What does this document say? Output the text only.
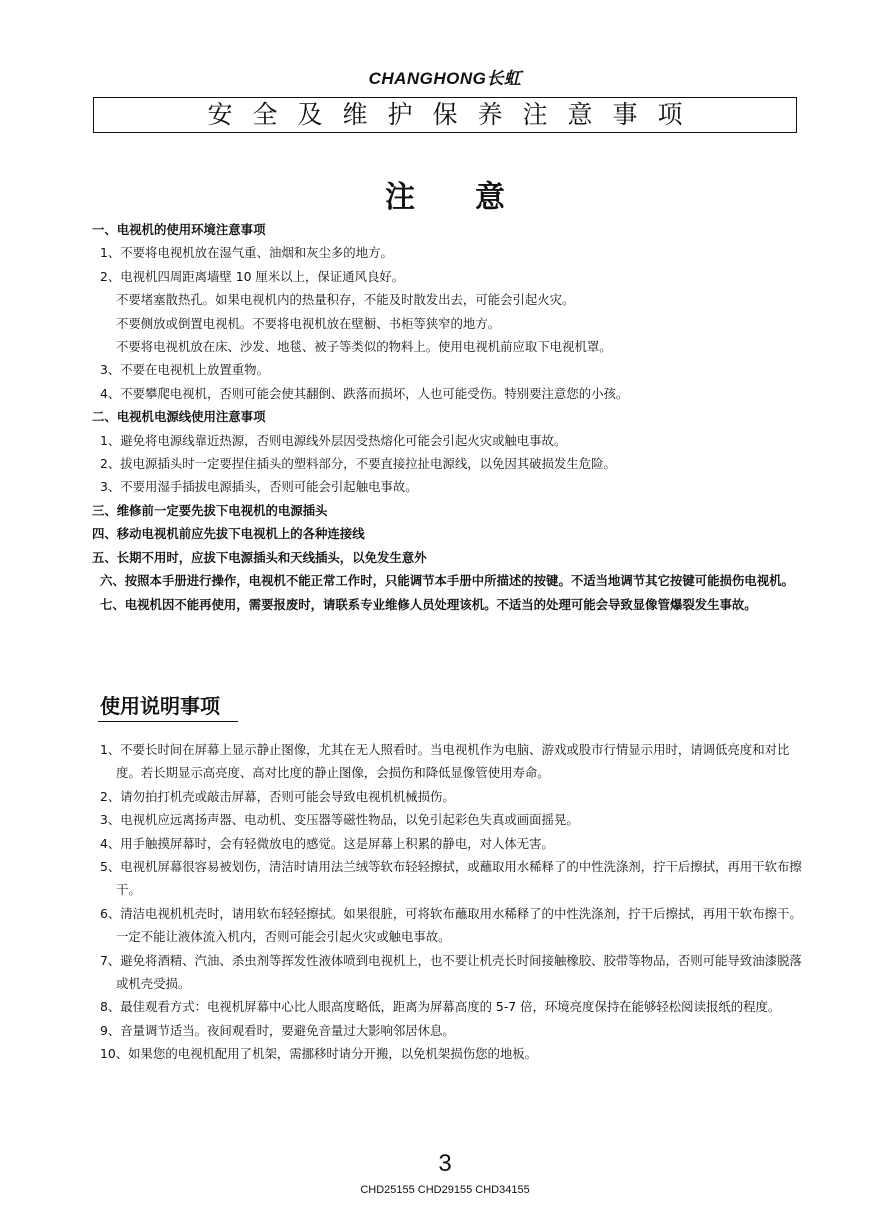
CHANGHONG长虹
安全及维护保养注意事项
注意
一、电视机的使用环境注意事项
1、不要将电视机放在湿气重、油烟和灰尘多的地方。
2、电视机四周距离墙壁 10 厘米以上，保证通风良好。
不要堵塞散热孔。如果电视机内的热量积存，不能及时散发出去，可能会引起火灾。
不要侧放或倒置电视机。不要将电视机放在壁橱、书柜等狭窄的地方。
不要将电视机放在床、沙发、地毯、被子等类似的物料上。使用电视机前应取下电视机罩。
3、不要在电视机上放置重物。
4、不要攀爬电视机，否则可能会使其翻倒、跌落而损坏，人也可能受伤。特别要注意您的小孩。
二、电视机电源线使用注意事项
1、避免将电源线靠近热源，否则电源线外层因受热熔化可能会引起火灾或触电事故。
2、拔电源插头时一定要捏住插头的塑料部分，不要直接拉扯电源线，以免因其破损发生危险。
3、不要用湿手插拔电源插头，否则可能会引起触电事故。
三、维修前一定要先拔下电视机的电源插头
四、移动电视机前应先拔下电视机上的各种连接线
五、长期不用时，应拔下电源插头和天线插头，以免发生意外
六、按照本手册进行操作，电视机不能正常工作时，只能调节本手册中所描述的按键。不适当地调节其它按键可能损伤电视机。
七、电视机因不能再使用，需要报废时，请联系专业维修人员处理该机。不适当的处理可能会导致显像管爆裂发生事故。
使用说明事项
1、不要长时间在屏幕上显示静止图像，尤其在无人照看时。当电视机作为电脑、游戏或股市行情显示用时，请调低亮度和对比度。若长期显示高亮度、高对比度的静止图像，会损伤和降低显像管使用寿命。
2、请勿拍打机壳或敲击屏幕，否则可能会导致电视机机械损伤。
3、电视机应远离扬声器、电动机、变压器等磁性物品，以免引起彩色失真或画面摇晃。
4、用手触摸屏幕时，会有轻微放电的感觉。这是屏幕上积累的静电，对人体无害。
5、电视机屏幕很容易被划伤，清洁时请用法兰绒等软布轻轻擦拭，或蘸取用水稀释了的中性洗涤剂，拧干后擦拭，再用干软布擦干。
6、清洁电视机机壳时，请用软布轻轻擦拭。如果很脏，可将软布蘸取用水稀释了的中性洗涤剂，拧干后擦拭，再用干软布擦干。一定不能让液体流入机内，否则可能会引起火灾或触电事故。
7、避免将酒精、汽油、杀虫剂等挥发性液体喷到电视机上，也不要让机壳长时间接触橡胶、胶带等物品，否则可能导致油漆脱落或机壳受损。
8、最佳观看方式：电视机屏幕中心比人眼高度略低，距离为屏幕高度的 5-7 倍，环境亮度保持在能够轻松阅读报纸的程度。
9、音量调节适当。夜间观看时，要避免音量过大影响邻居休息。
10、如果您的电视机配用了机架，需挪移时请分开搬，以免机架损伤您的地板。
3
CHD25155 CHD29155 CHD34155
